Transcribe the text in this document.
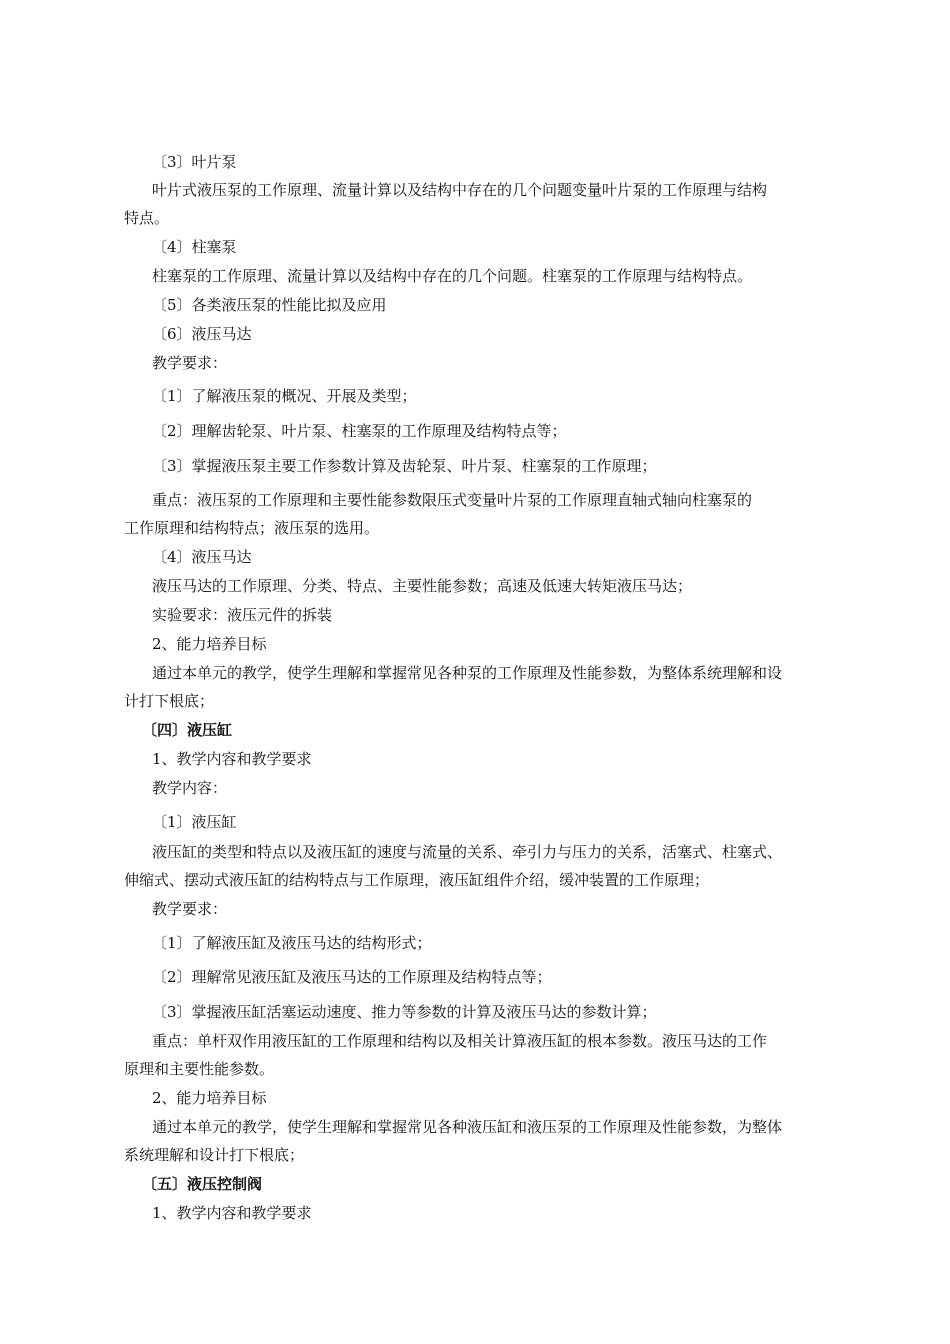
〔3〕叶片泵
叶片式液压泵的工作原理、流量计算以及结构中存在的几个问题变量叶片泵的工作原理与结构
特点。
〔4〕柱塞泵
柱塞泵的工作原理、流量计算以及结构中存在的几个问题。柱塞泵的工作原理与结构特点。
〔5〕各类液压泵的性能比拟及应用
〔6〕液压马达
教学要求：
〔1〕了解液压泵的概况、开展及类型；
〔2〕理解齿轮泵、叶片泵、柱塞泵的工作原理及结构特点等；
〔3〕掌握液压泵主要工作参数计算及齿轮泵、叶片泵、柱塞泵的工作原理；
重点：液压泵的工作原理和主要性能参数限压式变量叶片泵的工作原理直轴式轴向柱塞泵的
工作原理和结构特点；液压泵的选用。
〔4〕液压马达
液压马达的工作原理、分类、特点、主要性能参数；高速及低速大转矩液压马达；
实验要求：液压元件的拆装
2、能力培养目标
通过本单元的教学，使学生理解和掌握常见各种泵的工作原理及性能参数，为整体系统理解和设
计打下根底；
〔四〕液压缸
1、教学内容和教学要求
教学内容：
〔1〕液压缸
液压缸的类型和特点以及液压缸的速度与流量的关系、牵引力与压力的关系，活塞式、柱塞式、
伸缩式、摆动式液压缸的结构特点与工作原理，液压缸组件介绍，缓冲装置的工作原理；
教学要求：
〔1〕了解液压缸及液压马达的结构形式；
〔2〕理解常见液压缸及液压马达的工作原理及结构特点等；
〔3〕掌握液压缸活塞运动速度、推力等参数的计算及液压马达的参数计算；
重点：单杆双作用液压缸的工作原理和结构以及相关计算液压缸的根本参数。液压马达的工作
原理和主要性能参数。
2、能力培养目标
通过本单元的教学，使学生理解和掌握常见各种液压缸和液压泵的工作原理及性能参数，为整体
系统理解和设计打下根底；
〔五〕液压控制阀
1、教学内容和教学要求
